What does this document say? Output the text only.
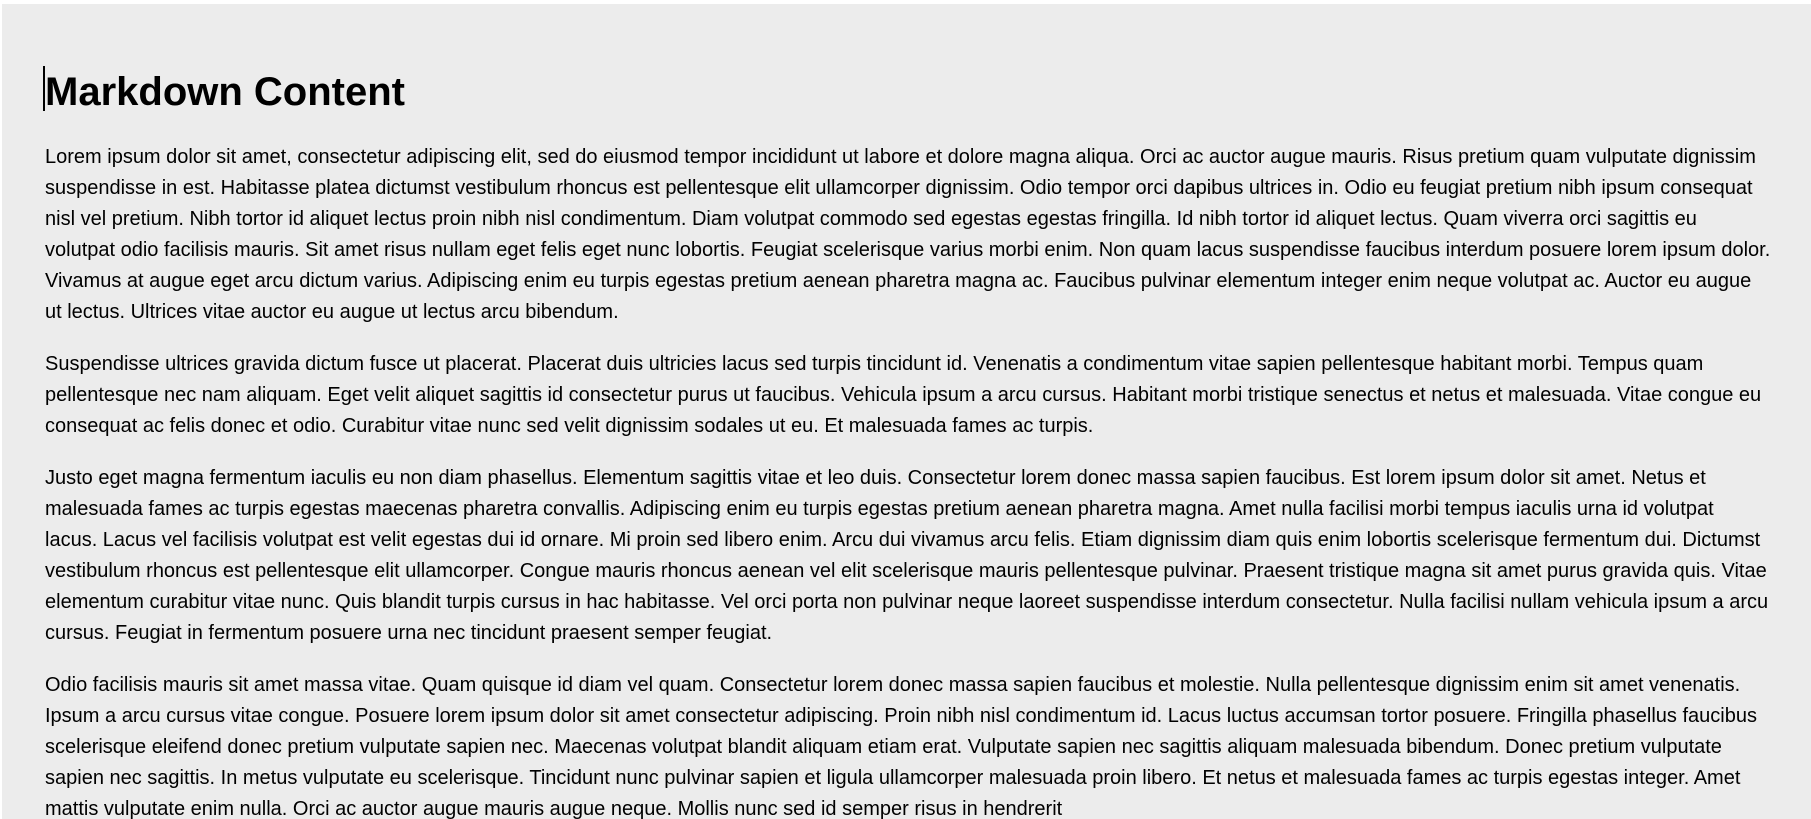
Markdown Content

Lorem ipsum dolor sit amet, consectetur adipiscing elit, sed do eiusmod tempor incididunt ut labore et dolore magna aliqua. Orci ac auctor augue mauris. Risus pretium quam vulputate dignissim suspendisse in est. Habitasse platea dictumst vestibulum rhoncus est pellentesque elit ullamcorper dignissim. Odio tempor orci dapibus ultrices in. Odio eu feugiat pretium nibh ipsum consequat nisl vel pretium. Nibh tortor id aliquet lectus proin nibh nisl condimentum. Diam volutpat commodo sed egestas egestas fringilla. Id nibh tortor id aliquet lectus. Quam viverra orci sagittis eu volutpat odio facilisis mauris. Sit amet risus nullam eget felis eget nunc lobortis. Feugiat scelerisque varius morbi enim. Non quam lacus suspendisse faucibus interdum posuere lorem ipsum dolor. Vivamus at augue eget arcu dictum varius. Adipiscing enim eu turpis egestas pretium aenean pharetra magna ac. Faucibus pulvinar elementum integer enim neque volutpat ac. Auctor eu augue ut lectus. Ultrices vitae auctor eu augue ut lectus arcu bibendum.

Suspendisse ultrices gravida dictum fusce ut placerat. Placerat duis ultricies lacus sed turpis tincidunt id. Venenatis a condimentum vitae sapien pellentesque habitant morbi. Tempus quam pellentesque nec nam aliquam. Eget velit aliquet sagittis id consectetur purus ut faucibus. Vehicula ipsum a arcu cursus. Habitant morbi tristique senectus et netus et malesuada. Vitae congue eu consequat ac felis donec et odio. Curabitur vitae nunc sed velit dignissim sodales ut eu. Et malesuada fames ac turpis.

Justo eget magna fermentum iaculis eu non diam phasellus. Elementum sagittis vitae et leo duis. Consectetur lorem donec massa sapien faucibus. Est lorem ipsum dolor sit amet. Netus et malesuada fames ac turpis egestas maecenas pharetra convallis. Adipiscing enim eu turpis egestas pretium aenean pharetra magna. Amet nulla facilisi morbi tempus iaculis urna id volutpat lacus. Lacus vel facilisis volutpat est velit egestas dui id ornare. Mi proin sed libero enim. Arcu dui vivamus arcu felis. Etiam dignissim diam quis enim lobortis scelerisque fermentum dui. Dictumst vestibulum rhoncus est pellentesque elit ullamcorper. Congue mauris rhoncus aenean vel elit scelerisque mauris pellentesque pulvinar. Praesent tristique magna sit amet purus gravida quis. Vitae elementum curabitur vitae nunc. Quis blandit turpis cursus in hac habitasse. Vel orci porta non pulvinar neque laoreet suspendisse interdum consectetur. Nulla facilisi nullam vehicula ipsum a arcu cursus. Feugiat in fermentum posuere urna nec tincidunt praesent semper feugiat.

Odio facilisis mauris sit amet massa vitae. Quam quisque id diam vel quam. Consectetur lorem donec massa sapien faucibus et molestie. Nulla pellentesque dignissim enim sit amet venenatis. Ipsum a arcu cursus vitae congue. Posuere lorem ipsum dolor sit amet consectetur adipiscing. Proin nibh nisl condimentum id. Lacus luctus accumsan tortor posuere. Fringilla phasellus faucibus scelerisque eleifend donec pretium vulputate sapien nec. Maecenas volutpat blandit aliquam etiam erat. Vulputate sapien nec sagittis aliquam malesuada bibendum. Donec pretium vulputate sapien nec sagittis. In metus vulputate eu scelerisque. Tincidunt nunc pulvinar sapien et ligula ullamcorper malesuada proin libero. Et netus et malesuada fames ac turpis egestas integer. Amet mattis vulputate enim nulla. Orci ac auctor augue mauris augue neque. Mollis nunc sed id semper risus in hendrerit
